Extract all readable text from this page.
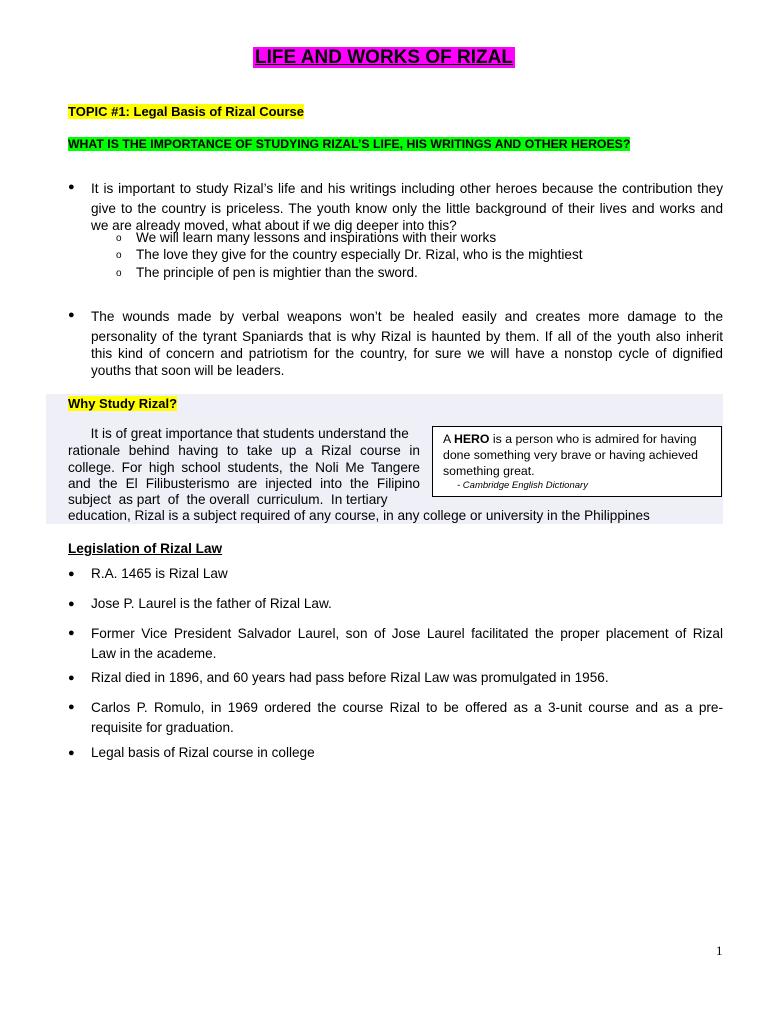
LIFE AND WORKS OF RIZAL
TOPIC #1: Legal Basis of Rizal Course
WHAT IS THE IMPORTANCE OF STUDYING RIZAL’S LIFE, HIS WRITINGS AND OTHER HEROES?
● It is important to study Rizal’s life and his writings including other heroes because the contribution they
give to the country is priceless. The youth know only the little background of their lives and works and
we are already moved, what about if we dig deeper into this?
o We will learn many lessons and inspirations with their works
o The love they give for the country especially Dr. Rizal, who is the mightiest
o The principle of pen is mightier than the sword.
● The wounds made by verbal weapons won’t be healed easily and creates more damage to the
personality of the tyrant Spaniards that is why Rizal is haunted by them. If all of the youth also inherit
this kind of concern and patriotism for the country, for sure we will have a nonstop cycle of dignified
youths that soon will be leaders.
Why Study Rizal?
It is of great importance that students understand the
rationale behind having to take up a Rizal course in
college. For high school students, the Noli Me Tangere
and the El Filibusterismo are injected into the Filipino
subject  as part  of  the overall  curriculum.  In tertiary
education, Rizal is a subject required of any course, in any college or university in the Philippines
A HERO is a person who is admired for having
done something very brave or having achieved
something great.
- Cambridge English Dictionary
Legislation of Rizal Law
● R.A. 1465 is Rizal Law
● Jose P. Laurel is the father of Rizal Law.
● Former Vice President Salvador Laurel, son of Jose Laurel facilitated the proper placement of Rizal
Law in the academe.
● Rizal died in 1896, and 60 years had pass before Rizal Law was promulgated in 1956.
● Carlos P. Romulo, in 1969 ordered the course Rizal to be offered as a 3-unit course and as a pre-
requisite for graduation.
● Legal basis of Rizal course in college
1
